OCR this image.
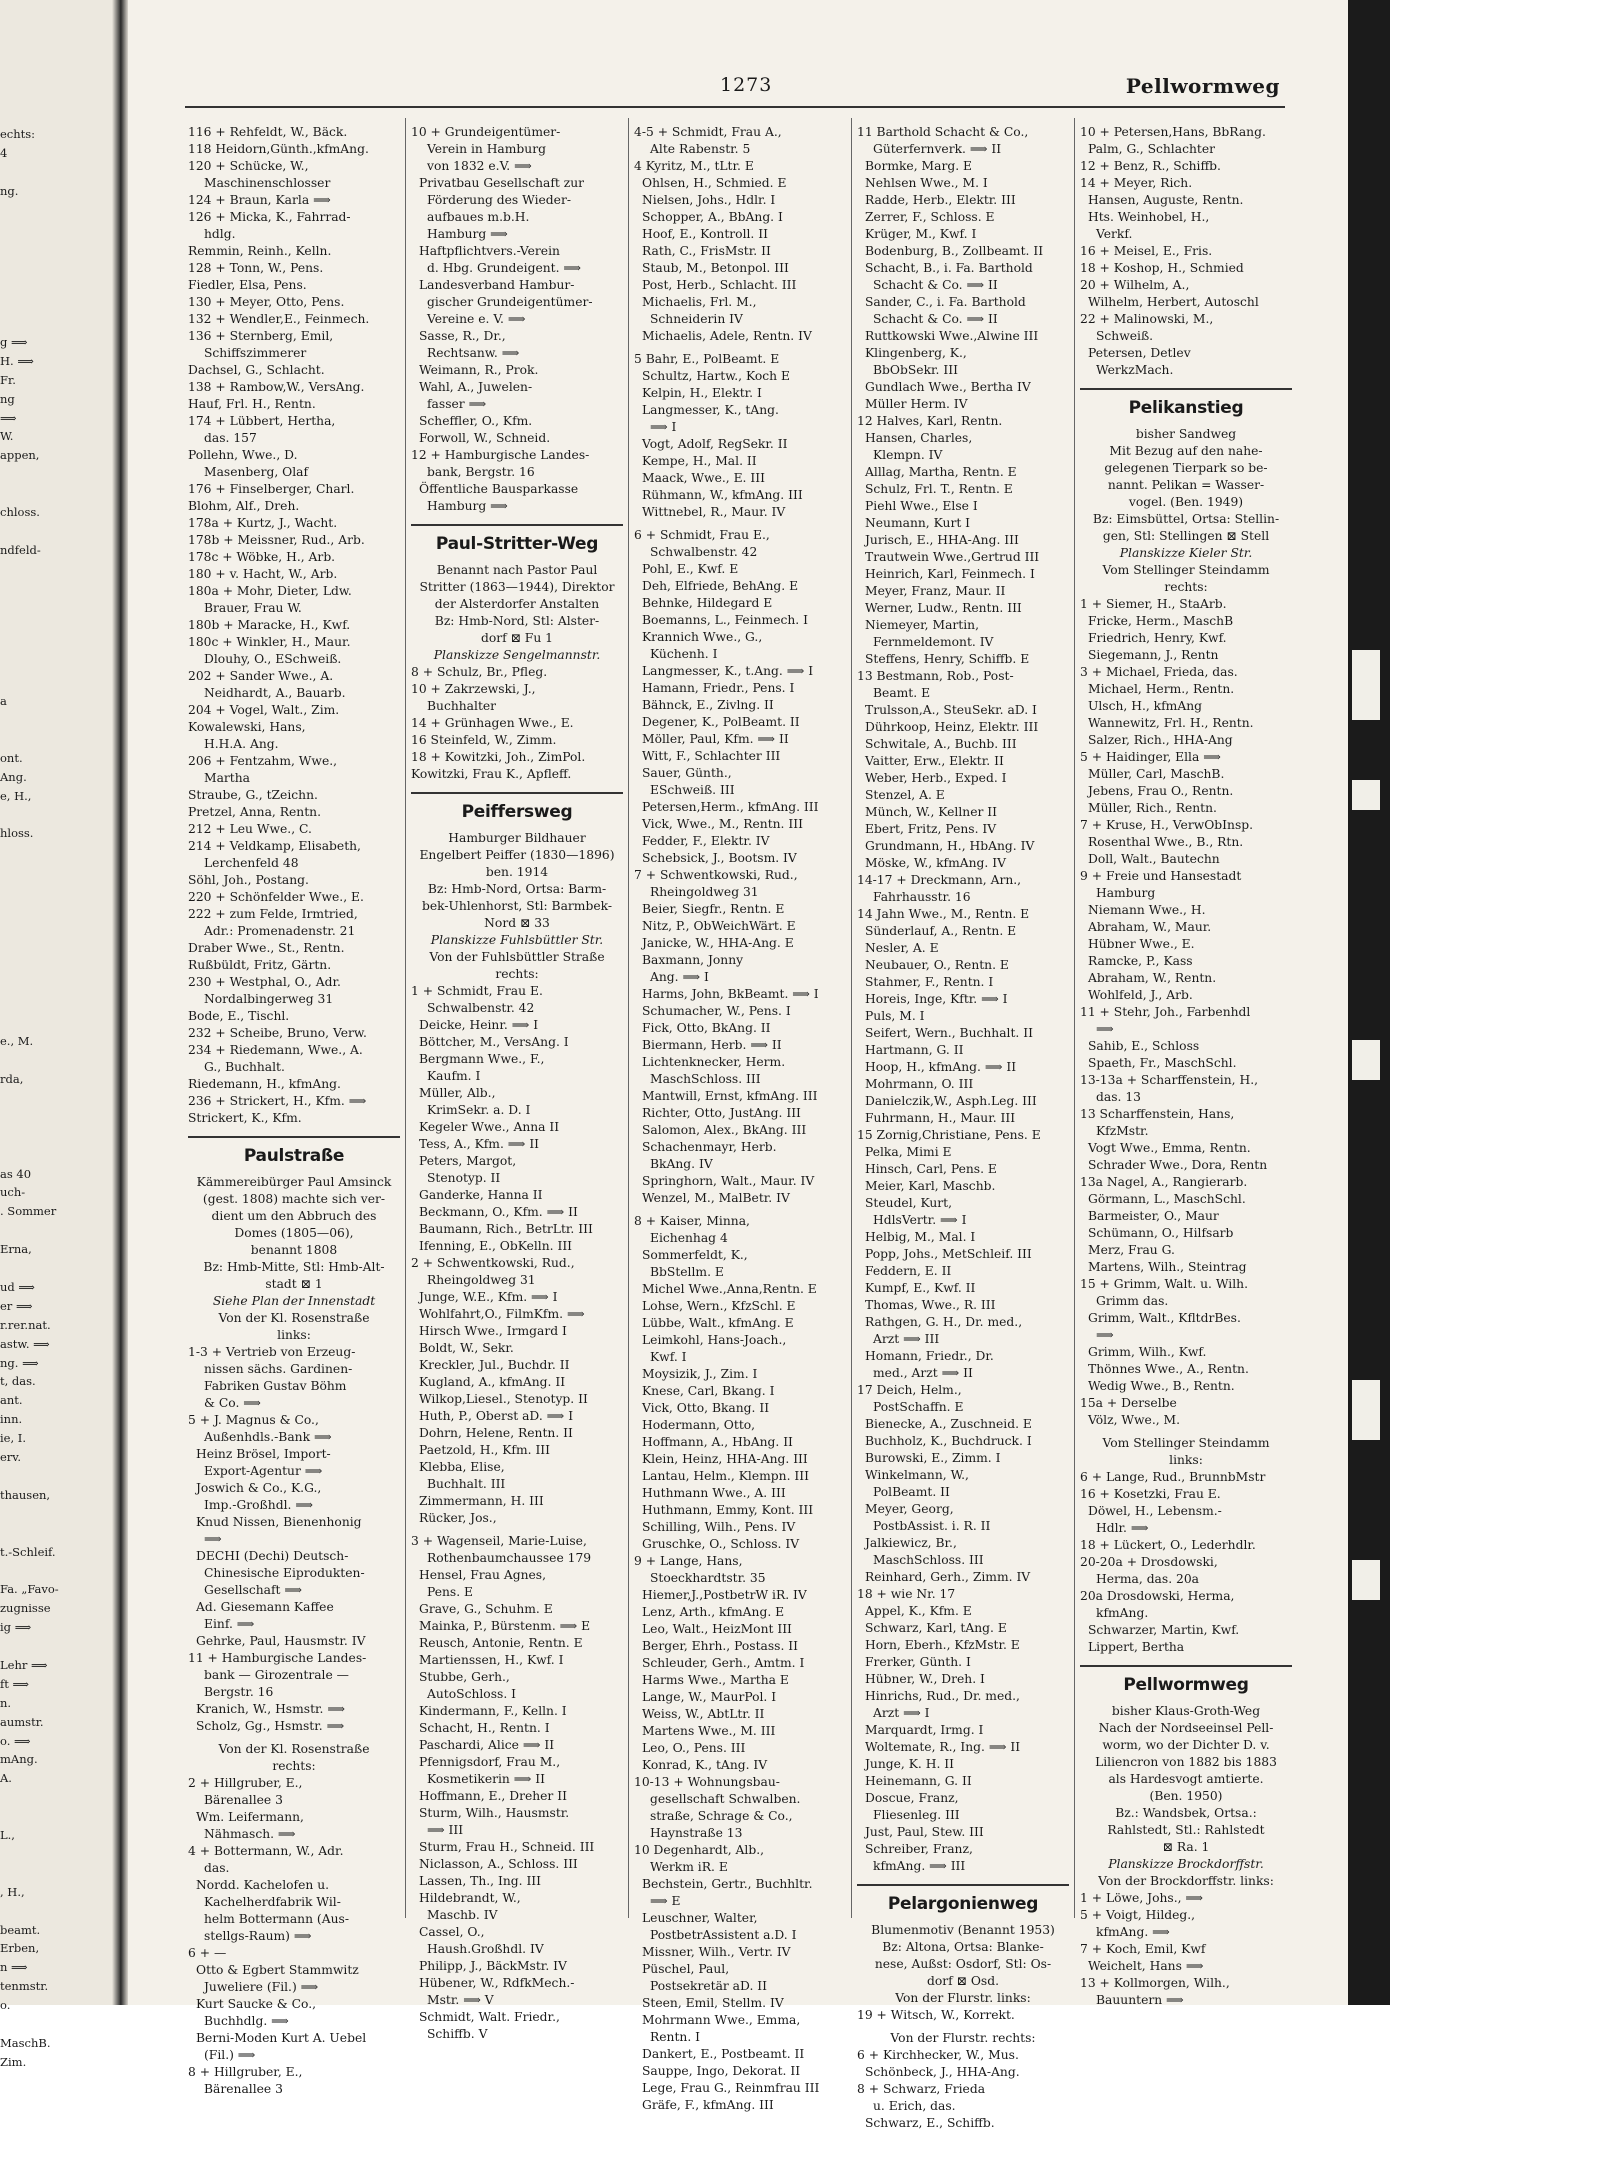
echts:
4
ng.
g ⟹
H. ⟹
Fr.
ng
⟹
W.
appen,
chloss.
ndfeld-
a
ont.
Ang.
e, H.,
hloss.
e., M.
rda,
as 40
uch-
. Sommer
Erna,
ud ⟹
er ⟹
r.rer.nat.
astw. ⟹
ng. ⟹
t, das.
ant.
inn.
ie, I.
erv.
thausen,
t.-Schleif.
Fa. „Favo-
zugnisse
ig ⟹
Lehr ⟹
ft ⟹
n.
aumstr.
o. ⟹
mAng.
A.
L.,
, H.,
beamt.
Erben,
n ⟹
tenmstr.
o.
MaschB.
Zim.
1273	Pellwormweg
116 + Rehfeldt, W., Bäck.
118 Heidorn,Günth.,kfmAng.
120 + Schücke, W.,
Maschinenschlosser
124 + Braun, Karla ⟹
126 + Micka, K., Fahrrad-
hdlg.
Remmin, Reinh., Kelln.
128 + Tonn, W., Pens.
Fiedler, Elsa, Pens.
130 + Meyer, Otto, Pens.
132 + Wendler,E., Feinmech.
136 + Sternberg, Emil,
Schiffszimmerer
Dachsel, G., Schlacht.
138 + Rambow,W., VersAng.
Hauf, Frl. H., Rentn.
174 + Lübbert, Hertha,
das. 157
Pollehn, Wwe., D.
Masenberg, Olaf
176 + Finselberger, Charl.
Blohm, Alf., Dreh.
178a + Kurtz, J., Wacht.
178b + Meissner, Rud., Arb.
178c + Wöbke, H., Arb.
180 + v. Hacht, W., Arb.
180a + Mohr, Dieter, Ldw.
Brauer, Frau W.
180b + Maracke, H., Kwf.
180c + Winkler, H., Maur.
Dlouhy, O., ESchweiß.
202 + Sander Wwe., A.
Neidhardt, A., Bauarb.
204 + Vogel, Walt., Zim.
Kowalewski, Hans,
H.H.A. Ang.
206 + Fentzahm, Wwe.,
Martha
Straube, G., tZeichn.
Pretzel, Anna, Rentn.
212 + Leu Wwe., C.
214 + Veldkamp, Elisabeth,
Lerchenfeld 48
Söhl, Joh., Postang.
220 + Schönfelder Wwe., E.
222 + zum Felde, Irmtried,
Adr.: Promenadenstr. 21
Draber Wwe., St., Rentn.
Rußbüldt, Fritz, Gärtn.
230 + Westphal, O., Adr.
Nordalbingerweg 31
Bode, E., Tischl.
232 + Scheibe, Bruno, Verw.
234 + Riedemann, Wwe., A.
G., Buchhalt.
Riedemann, H., kfmAng.
236 + Strickert, H., Kfm. ⟹
Strickert, K., Kfm.
Paulstraße
Kämmereibürger Paul Amsinck
(gest. 1808) machte sich ver-
dient um den Abbruch des
Domes (1805—06),
benannt 1808
Bz: Hmb-Mitte, Stl: Hmb-Alt-
stadt ⊠ 1
Siehe Plan der Innenstadt
Von der Kl. Rosenstraße
links:
1-3 + Vertrieb von Erzeug-
nissen sächs. Gardinen-
Fabriken Gustav Böhm
& Co. ⟹
5 + J. Magnus & Co.,
Außenhdls.-Bank ⟹
Heinz Brösel, Import-
Export-Agentur ⟹
Joswich & Co., K.G.,
Imp.-Großhdl. ⟹
Knud Nissen, Bienenhonig
⟹
DECHI (Dechi) Deutsch-
Chinesische Eiprodukten-
Gesellschaft ⟹
Ad. Giesemann Kaffee
Einf. ⟹
Gehrke, Paul, Hausmstr. IV
11 + Hamburgische Landes-
bank — Girozentrale —
Bergstr. 16
Kranich, W., Hsmstr. ⟹
Scholz, Gg., Hsmstr. ⟹
Von der Kl. Rosenstraße
rechts:
2 + Hillgruber, E.,
Bärenallee 3
Wm. Leifermann,
Nähmasch. ⟹
4 + Bottermann, W., Adr.
das.
Nordd. Kachelofen u.
Kachelherdfabrik Wil-
helm Bottermann (Aus-
stellgs-Raum) ⟹
6 + —
Otto & Egbert Stammwitz
Juweliere (Fil.) ⟹
Kurt Saucke & Co.,
Buchhdlg. ⟹
Berni-Moden Kurt A. Uebel
(Fil.) ⟹
8 + Hillgruber, E.,
Bärenallee 3
10 + Grundeigentümer-
Verein in Hamburg
von 1832 e.V. ⟹
Privatbau Gesellschaft zur
Förderung des Wieder-
aufbaues m.b.H.
Hamburg ⟹
Haftpflichtvers.-Verein
d. Hbg. Grundeigent. ⟹
Landesverband Hambur-
gischer Grundeigentümer-
Vereine e. V. ⟹
Sasse, R., Dr.,
Rechtsanw. ⟹
Weimann, R., Prok.
Wahl, A., Juwelen-
fasser ⟹
Scheffler, O., Kfm.
Forwoll, W., Schneid.
12 + Hamburgische Landes-
bank, Bergstr. 16
Öffentliche Bausparkasse
Hamburg ⟹
Paul-Stritter-Weg
Benannt nach Pastor Paul
Stritter (1863—1944), Direktor
der Alsterdorfer Anstalten
Bz: Hmb-Nord, Stl: Alster-
dorf ⊠ Fu 1
Planskizze Sengelmannstr.
8 + Schulz, Br., Pfleg.
10 + Zakrzewski, J.,
Buchhalter
14 + Grünhagen Wwe., E.
16 Steinfeld, W., Zimm.
18 + Kowitzki, Joh., ZimPol.
Kowitzki, Frau K., Apfleff.
Peiffersweg
Hamburger Bildhauer
Engelbert Peiffer (1830—1896)
ben. 1914
Bz: Hmb-Nord, Ortsa: Barm-
bek-Uhlenhorst, Stl: Barmbek-
Nord ⊠ 33
Planskizze Fuhlsbüttler Str.
Von der Fuhlsbüttler Straße
rechts:
1 + Schmidt, Frau E.
Schwalbenstr. 42
Deicke, Heinr. ⟹ I
Böttcher, M., VersAng. I
Bergmann Wwe., F.,
Kaufm. I
Müller, Alb.,
KrimSekr. a. D. I
Kegeler Wwe., Anna II
Tess, A., Kfm. ⟹ II
Peters, Margot,
Stenotyp. II
Ganderke, Hanna II
Beckmann, O., Kfm. ⟹ II
Baumann, Rich., BetrLtr. III
Ifenning, E., ObKelln. III
2 + Schwentkowski, Rud.,
Rheingoldweg 31
Junge, W.E., Kfm. ⟹ I
Wohlfahrt,O., FilmKfm. ⟹
Hirsch Wwe., Irmgard I
Boldt, W., Sekr.
Kreckler, Jul., Buchdr. II
Kugland, A., kfmAng. II
Wilkop,Liesel., Stenotyp. II
Huth, P., Oberst aD. ⟹ I
Dohrn, Helene, Rentn. II
Paetzold, H., Kfm. III
Klebba, Elise,
Buchhalt. III
Zimmermann, H. III
Rücker, Jos.,
3 + Wagenseil, Marie-Luise,
Rothenbaumchaussee 179
Hensel, Frau Agnes,
Pens. E
Grave, G., Schuhm. E
Mainka, P., Bürstenm. ⟹ E
Reusch, Antonie, Rentn. E
Martienssen, H., Kwf. I
Stubbe, Gerh.,
AutoSchloss. I
Kindermann, F., Kelln. I
Schacht, H., Rentn. I
Paschardi, Alice ⟹ II
Pfennigsdorf, Frau M.,
Kosmetikerin ⟹ II
Hoffmann, E., Dreher II
Sturm, Wilh., Hausmstr.
⟹ III
Sturm, Frau H., Schneid. III
Niclasson, A., Schloss. III
Lassen, Th., Ing. III
Hildebrandt, W.,
Maschb. IV
Cassel, O.,
Haush.Großhdl. IV
Philipp, J., BäckMstr. IV
Hübener, W., RdfkMech.-
Mstr. ⟹ V
Schmidt, Walt. Friedr.,
Schiffb. V
4-5 + Schmidt, Frau A.,
Alte Rabenstr. 5
4 Kyritz, M., tLtr. E
Ohlsen, H., Schmied. E
Nielsen, Johs., Hdlr. I
Schopper, A., BbAng. I
Hoof, E., Kontroll. II
Rath, C., FrisMstr. II
Staub, M., Betonpol. III
Post, Herb., Schlacht. III
Michaelis, Frl. M.,
Schneiderin IV
Michaelis, Adele, Rentn. IV
5 Bahr, E., PolBeamt. E
Schultz, Hartw., Koch E
Kelpin, H., Elektr. I
Langmesser, K., tAng.
⟹ I
Vogt, Adolf, RegSekr. II
Kempe, H., Mal. II
Maack, Wwe., E. III
Rühmann, W., kfmAng. III
Wittnebel, R., Maur. IV
6 + Schmidt, Frau E.,
Schwalbenstr. 42
Pohl, E., Kwf. E
Deh, Elfriede, BehAng. E
Behnke, Hildegard E
Boemanns, L., Feinmech. I
Krannich Wwe., G.,
Küchenh. I
Langmesser, K., t.Ang. ⟹ I
Hamann, Friedr., Pens. I
Bähnck, E., Zivlng. II
Degener, K., PolBeamt. II
Möller, Paul, Kfm. ⟹ II
Witt, F., Schlachter III
Sauer, Günth.,
ESchweiß. III
Petersen,Herm., kfmAng. III
Vick, Wwe., M., Rentn. III
Fedder, F., Elektr. IV
Schebsick, J., Bootsm. IV
7 + Schwentkowski, Rud.,
Rheingoldweg 31
Beier, Siegfr., Rentn. E
Nitz, P., ObWeichWärt. E
Janicke, W., HHA-Ang. E
Baxmann, Jonny
Ang. ⟹ I
Harms, John, BkBeamt. ⟹ I
Schumacher, W., Pens. I
Fick, Otto, BkAng. II
Biermann, Herb. ⟹ II
Lichtenknecker, Herm.
MaschSchloss. III
Mantwill, Ernst, kfmAng. III
Richter, Otto, JustAng. III
Salomon, Alex., BkAng. III
Schachenmayr, Herb.
BkAng. IV
Springhorn, Walt., Maur. IV
Wenzel, M., MalBetr. IV
8 + Kaiser, Minna,
Eichenhag 4
Sommerfeldt, K.,
BbStellm. E
Michel Wwe.,Anna,Rentn. E
Lohse, Wern., KfzSchl. E
Lübbe, Walt., kfmAng. E
Leimkohl, Hans-Joach.,
Kwf. I
Moysizik, J., Zim. I
Knese, Carl, Bkang. I
Vick, Otto, Bkang. II
Hodermann, Otto,
Hoffmann, A., HbAng. II
Klein, Heinz, HHA-Ang. III
Lantau, Helm., Klempn. III
Huthmann Wwe., A. III
Huthmann, Emmy, Kont. III
Schilling, Wilh., Pens. IV
Gruschke, O., Schloss. IV
9 + Lange, Hans,
Stoeckhardtstr. 35
Hiemer,J.,PostbetrW iR. IV
Lenz, Arth., kfmAng. E
Leo, Walt., HeizMont III
Berger, Ehrh., Postass. II
Schleuder, Gerh., Amtm. I
Harms Wwe., Martha E
Lange, W., MaurPol. I
Weiss, W., AbtLtr. II
Martens Wwe., M. III
Leo, O., Pens. III
Konrad, K., tAng. IV
10-13 + Wohnungsbau-
gesellschaft Schwalben.
straße, Schrage & Co.,
Haynstraße 13
10 Degenhardt, Alb.,
Werkm iR. E
Bechstein, Gertr., Buchhltr.
⟹ E
Leuschner, Walter,
PostbetrAssistent a.D. I
Missner, Wilh., Vertr. IV
Püschel, Paul,
Postsekretär aD. II
Steen, Emil, Stellm. IV
Mohrmann Wwe., Emma,
Rentn. I
Dankert, E., Postbeamt. II
Sauppe, Ingo, Dekorat. II
Lege, Frau G., Reinmfrau III
Gräfe, F., kfmAng. III
11 Barthold Schacht & Co.,
Güterfernverk. ⟹ II
Bormke, Marg. E
Nehlsen Wwe., M. I
Radde, Herb., Elektr. III
Zerrer, F., Schloss. E
Krüger, M., Kwf. I
Bodenburg, B., Zollbeamt. II
Schacht, B., i. Fa. Barthold
Schacht & Co. ⟹ II
Sander, C., i. Fa. Barthold
Schacht & Co. ⟹ II
Ruttkowski Wwe.,Alwine III
Klingenberg, K.,
BbObSekr. III
Gundlach Wwe., Bertha IV
Müller Herm. IV
12 Halves, Karl, Rentn.
Hansen, Charles,
Klempn. IV
Alllag, Martha, Rentn. E
Schulz, Frl. T., Rentn. E
Piehl Wwe., Else I
Neumann, Kurt I
Jurisch, E., HHA-Ang. III
Trautwein Wwe.,Gertrud III
Heinrich, Karl, Feinmech. I
Meyer, Franz, Maur. II
Werner, Ludw., Rentn. III
Niemeyer, Martin,
Fernmeldemont. IV
Steffens, Henry, Schiffb. E
13 Bestmann, Rob., Post-
Beamt. E
Trulsson,A., SteuSekr. aD. I
Dührkoop, Heinz, Elektr. III
Schwitale, A., Buchb. III
Vaitter, Erw., Elektr. II
Weber, Herb., Exped. I
Stenzel, A. E
Münch, W., Kellner II
Ebert, Fritz, Pens. IV
Grundmann, H., HbAng. IV
Möske, W., kfmAng. IV
14-17 + Dreckmann, Arn.,
Fahrhausstr. 16
14 Jahn Wwe., M., Rentn. E
Sünderlauf, A., Rentn. E
Nesler, A. E
Neubauer, O., Rentn. E
Stahmer, F., Rentn. I
Horeis, Inge, Kftr. ⟹ I
Puls, M. I
Seifert, Wern., Buchhalt. II
Hartmann, G. II
Hoop, H., kfmAng. ⟹ II
Mohrmann, O. III
Danielczik,W., Asph.Leg. III
Fuhrmann, H., Maur. III
15 Zornig,Christiane, Pens. E
Pelka, Mimi E
Hinsch, Carl, Pens. E
Meier, Karl, Maschb.
Steudel, Kurt,
HdlsVertr. ⟹ I
Helbig, M., Mal. I
Popp, Johs., MetSchleif. III
Feddern, E. II
Kumpf, E., Kwf. II
Thomas, Wwe., R. III
Rathgen, G. H., Dr. med.,
Arzt ⟹ III
Homann, Friedr., Dr.
med., Arzt ⟹ II
17 Deich, Helm.,
PostSchaffn. E
Bienecke, A., Zuschneid. E
Buchholz, K., Buchdruck. I
Burowski, E., Zimm. I
Winkelmann, W.,
PolBeamt. II
Meyer, Georg,
PostbAssist. i. R. II
Jalkiewicz, Br.,
MaschSchloss. III
Reinhard, Gerh., Zimm. IV
18 + wie Nr. 17
Appel, K., Kfm. E
Schwarz, Karl, tAng. E
Horn, Eberh., KfzMstr. E
Frerker, Günth. I
Hübner, W., Dreh. I
Hinrichs, Rud., Dr. med.,
Arzt ⟹ I
Marquardt, Irmg. I
Woltemate, R., Ing. ⟹ II
Junge, K. H. II
Heinemann, G. II
Doscue, Franz,
Fliesenleg. III
Just, Paul, Stew. III
Schreiber, Franz,
kfmAng. ⟹ III
Pelargonienweg
Blumenmotiv (Benannt 1953)
Bz: Altona, Ortsa: Blanke-
nese, Außst: Osdorf, Stl: Os-
dorf ⊠ Osd.
Von der Flurstr. links:
19 + Witsch, W., Korrekt.
Von der Flurstr. rechts:
6 + Kirchhecker, W., Mus.
Schönbeck, J., HHA-Ang.
8 + Schwarz, Frieda
u. Erich, das.
Schwarz, E., Schiffb.
10 + Petersen,Hans, BbRang.
Palm, G., Schlachter
12 + Benz, R., Schiffb.
14 + Meyer, Rich.
Hansen, Auguste, Rentn.
Hts. Weinhobel, H.,
Verkf.
16 + Meisel, E., Fris.
18 + Koshop, H., Schmied
20 + Wilhelm, A.,
Wilhelm, Herbert, Autoschl
22 + Malinowski, M.,
Schweiß.
Petersen, Detlev
WerkzMach.
Pelikanstieg
bisher Sandweg
Mit Bezug auf den nahe-
gelegenen Tierpark so be-
nannt. Pelikan = Wasser-
vogel. (Ben. 1949)
Bz: Eimsbüttel, Ortsa: Stellin-
gen, Stl: Stellingen ⊠ Stell
Planskizze Kieler Str.
Vom Stellinger Steindamm
rechts:
1 + Siemer, H., StaArb.
Fricke, Herm., MaschB
Friedrich, Henry, Kwf.
Siegemann, J., Rentn
3 + Michael, Frieda, das.
Michael, Herm., Rentn.
Ulsch, H., kfmAng
Wannewitz, Frl. H., Rentn.
Salzer, Rich., HHA-Ang
5 + Haidinger, Ella ⟹
Müller, Carl, MaschB.
Jebens, Frau O., Rentn.
Müller, Rich., Rentn.
7 + Kruse, H., VerwObInsp.
Rosenthal Wwe., B., Rtn.
Doll, Walt., Bautechn
9 + Freie und Hansestadt
Hamburg
Niemann Wwe., H.
Abraham, W., Maur.
Hübner Wwe., E.
Ramcke, P., Kass
Abraham, W., Rentn.
Wohlfeld, J., Arb.
11 + Stehr, Joh., Farbenhdl
⟹
Sahib, E., Schloss
Spaeth, Fr., MaschSchl.
13-13a + Scharffenstein, H.,
das. 13
13 Scharffenstein, Hans,
KfzMstr.
Vogt Wwe., Emma, Rentn.
Schrader Wwe., Dora, Rentn
13a Nagel, A., Rangierarb.
Görmann, L., MaschSchl.
Barmeister, O., Maur
Schümann, O., Hilfsarb
Merz, Frau G.
Martens, Wilh., Steintrag
15 + Grimm, Walt. u. Wilh.
Grimm das.
Grimm, Walt., KfltdrBes.
⟹
Grimm, Wilh., Kwf.
Thönnes Wwe., A., Rentn.
Wedig Wwe., B., Rentn.
15a + Derselbe
Völz, Wwe., M.
Vom Stellinger Steindamm
links:
6 + Lange, Rud., BrunnbMstr
16 + Kosetzki, Frau E.
Döwel, H., Lebensm.-
Hdlr. ⟹
18 + Lückert, O., Lederhdlr.
20-20a + Drosdowski,
Herma, das. 20a
20a Drosdowski, Herma,
kfmAng.
Schwarzer, Martin, Kwf.
Lippert, Bertha
Pellwormweg
bisher Klaus-Groth-Weg
Nach der Nordseeinsel Pell-
worm, wo der Dichter D. v.
Liliencron von 1882 bis 1883
als Hardesvogt amtierte.
(Ben. 1950)
Bz.: Wandsbek, Ortsa.:
Rahlstedt, Stl.: Rahlstedt
⊠ Ra. 1
Planskizze Brockdorffstr.
Von der Brockdorffstr. links:
1 + Löwe, Johs., ⟹
5 + Voigt, Hildeg.,
kfmAng. ⟹
7 + Koch, Emil, Kwf
Weichelt, Hans ⟹
13 + Kollmorgen, Wilh.,
Bauuntern ⟹
